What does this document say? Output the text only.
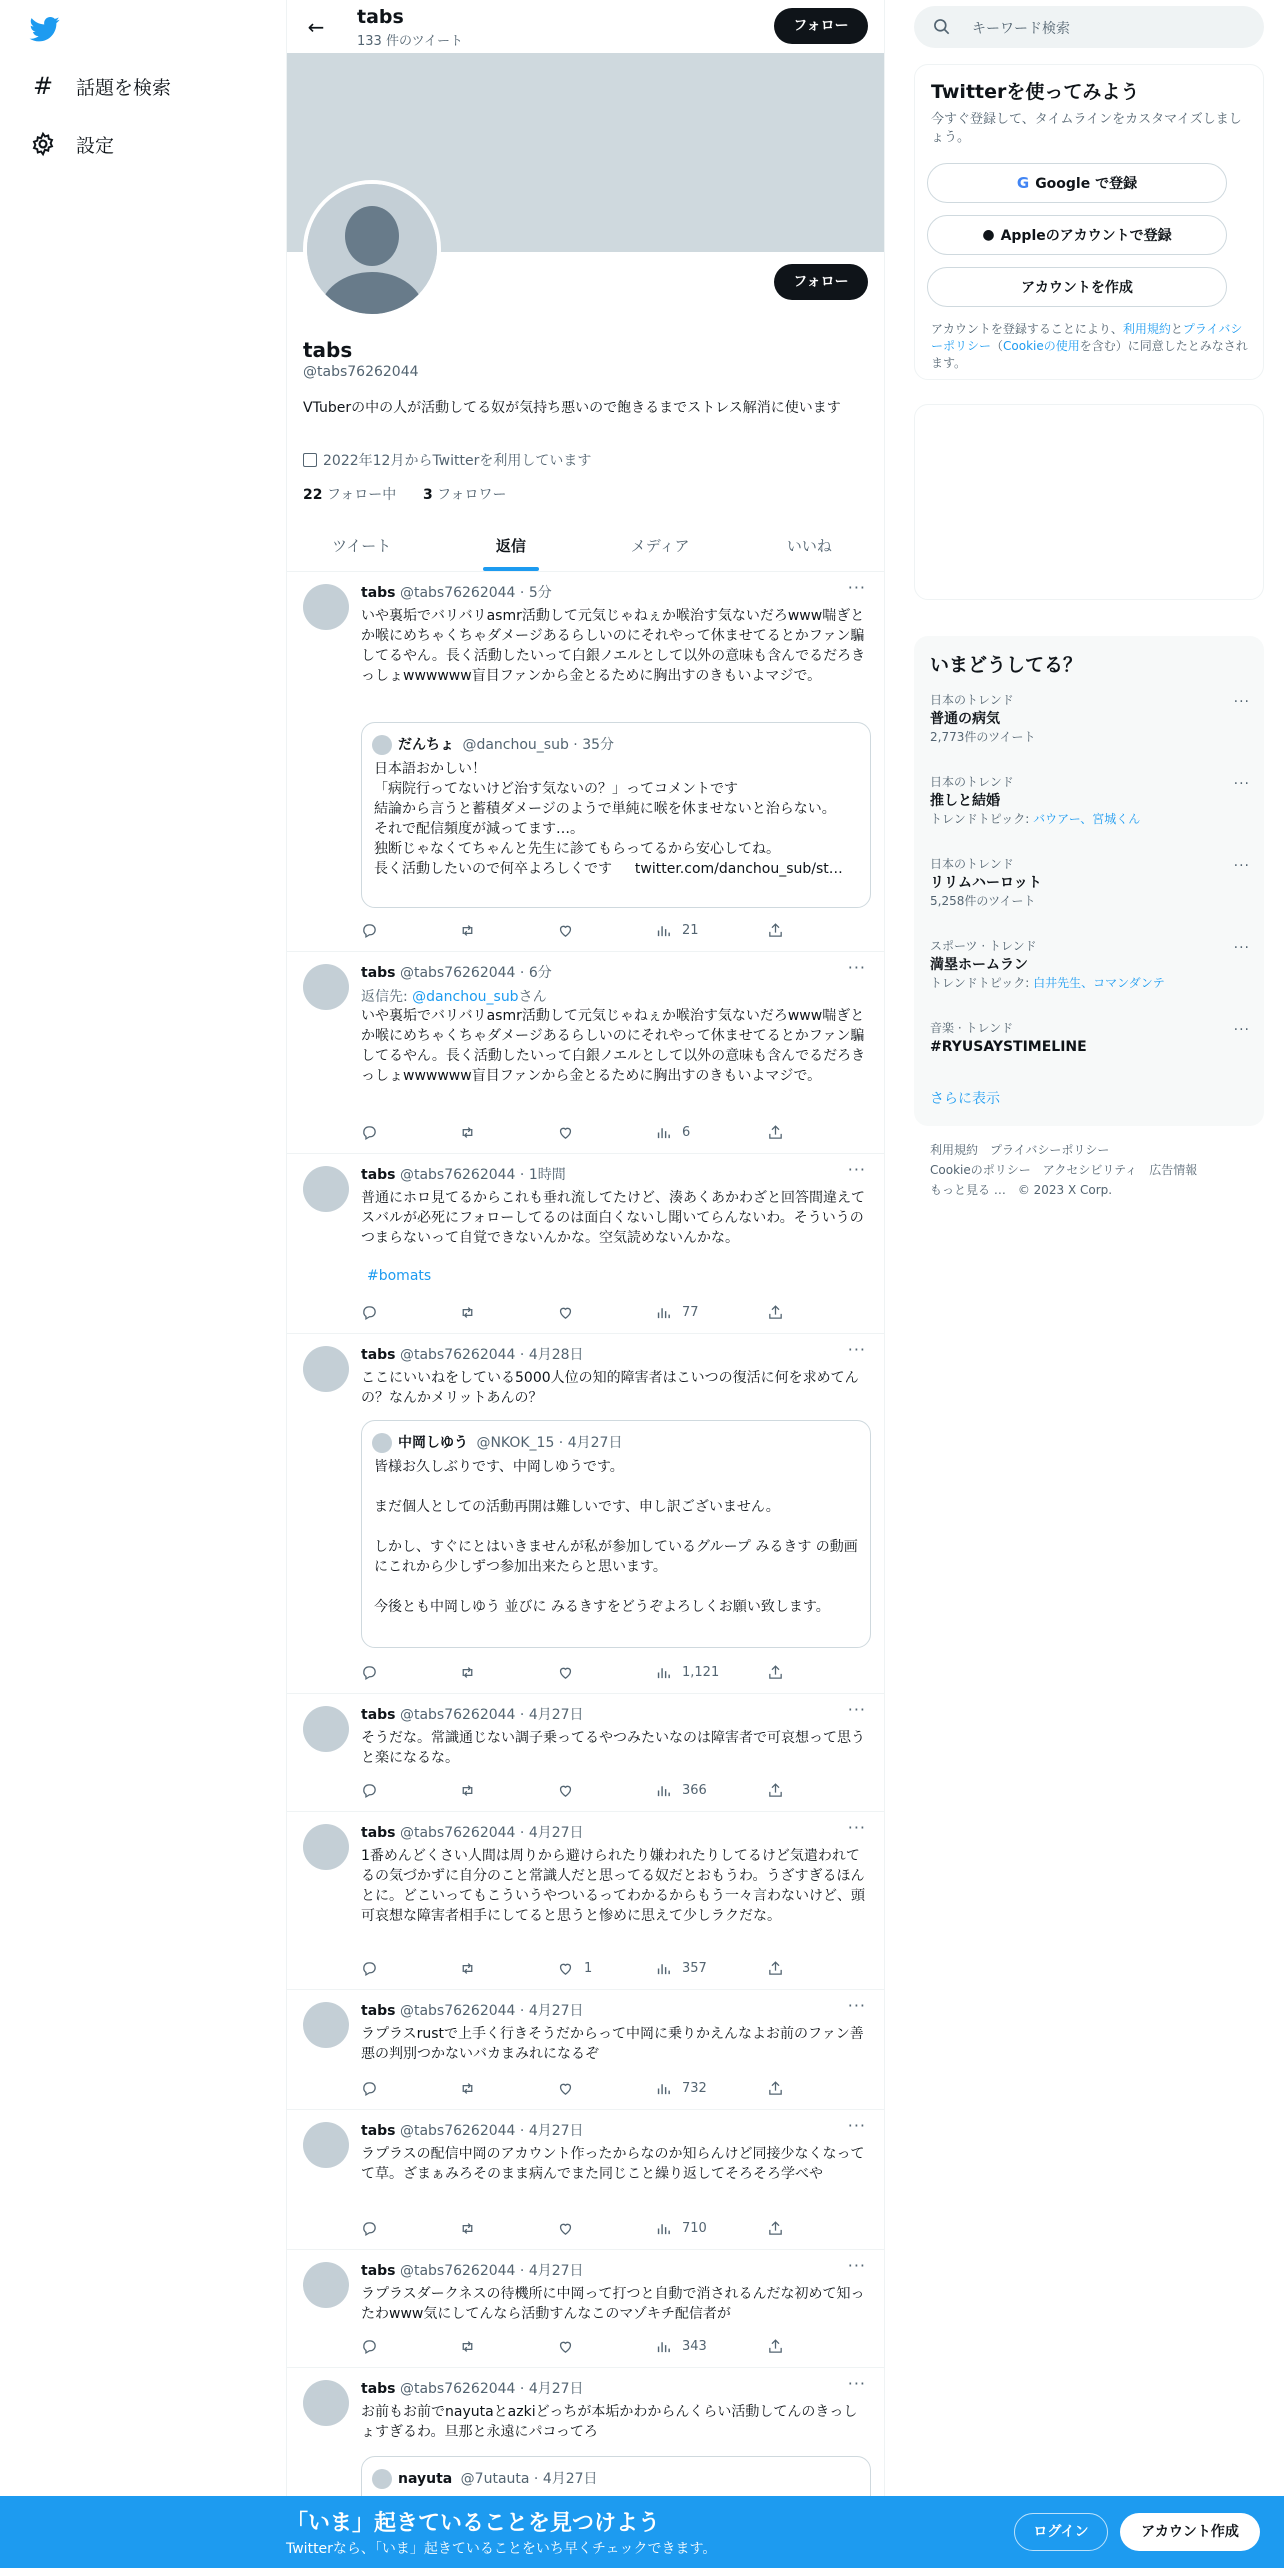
# 話題を検索
設定
←	tabs
133 件のツイート
フォロー
フォロー
tabs
@tabs76262044
VTuberの中の人が活動してる奴が気持ち悪いので飽きるまでストレス解消に使います
2022年12月からTwitterを利用しています
22 フォロー中 3 フォロワー
ツイート	返信	メディア	いいね
tabs @tabs76262044 · 5分	···
いや裏垢でバリバリasmr活動して元気じゃねぇか喉治す気ないだろwww喘ぎとか喉にめちゃくちゃダメージあるらしいのにそれやって休ませてるとかファン騙してるやん。長く活動したいって白銀ノエルとして以外の意味も含んでるだろきっしょwwwwww盲目ファンから金とるために胸出すのきもいよマジで。
だんちょ @danchou_sub · 35分
日本語おかしい！
「病院行ってないけど治す気ないの？」ってコメントです
結論から言うと蓄積ダメージのようで単純に喉を休ませないと治らない。
それで配信頻度が減ってます…。
独断じゃなくてちゃんと先生に診てもらってるから安心してね。
長く活動したいので何卒よろしくです　  twitter.com/danchou_sub/st…
21
tabs @tabs76262044 · 6分	···
返信先: @danchou_subさん
いや裏垢でバリバリasmr活動して元気じゃねぇか喉治す気ないだろwww喘ぎとか喉にめちゃくちゃダメージあるらしいのにそれやって休ませてるとかファン騙してるやん。長く活動したいって白銀ノエルとして以外の意味も含んでるだろきっしょwwwwww盲目ファンから金とるために胸出すのきもいよマジで。
6
tabs @tabs76262044 · 1時間	···
普通にホロ見てるからこれも垂れ流してたけど、湊あくあかわざと回答間違えてスバルが必死にフォローしてるのは面白くないし聞いてらんないわ。そういうのつまらないって自覚できないんかな。空気読めないんかな。
#bomats
77
tabs @tabs76262044 · 4月28日	···
ここにいいねをしている5000人位の知的障害者はこいつの復活に何を求めてんの？なんかメリットあんの？
中岡しゆう @NKOK_15 · 4月27日
皆様お久しぶりです、中岡しゆうです。

まだ個人としての活動再開は難しいです、申し訳ございません。

しかし、すぐにとはいきませんが私が参加しているグループ みるきす の動画にこれから少しずつ参加出来たらと思います。

今後とも中岡しゆう 並びに みるきすをどうぞよろしくお願い致します。
1,121
tabs @tabs76262044 · 4月27日	···
そうだな。常識通じない調子乗ってるやつみたいなのは障害者で可哀想って思うと楽になるな。
366
tabs @tabs76262044 · 4月27日	···
1番めんどくさい人間は周りから避けられたり嫌われたりしてるけど気遣われてるの気づかずに自分のこと常識人だと思ってる奴だとおもうわ。うざすぎるほんとに。どこいってもこういうやついるってわかるからもう一々言わないけど、頭可哀想な障害者相手にしてると思うと惨めに思えて少しラクだな。
1	357
tabs @tabs76262044 · 4月27日	···
ラプラスrustで上手く行きそうだからって中岡に乗りかえんなよお前のファン善悪の判別つかないバカまみれになるぞ
732
tabs @tabs76262044 · 4月27日	···
ラプラスの配信中岡のアカウント作ったからなのか知らんけど同接少なくなってて草。ざまぁみろそのまま病んでまた同じこと繰り返してそろそろ学べや
710
tabs @tabs76262044 · 4月27日	···
ラプラスダークネスの待機所に中岡って打つと自動で消されるんだな初めて知ったわwww気にしてんなら活動すんなこのマゾキチ配信者が
343
tabs @tabs76262044 · 4月27日	···
お前もお前でnayutaとazkiどっちが本垢かわからんくらい活動してんのきっしょすぎるわ。旦那と永遠にパコってろ
nayuta @7utauta · 4月27日
キーワード検索
Twitterを使ってみよう
今すぐ登録して、タイムラインをカスタマイズしましょう。
G Google で登録
● Appleのアカウントで登録
アカウントを作成
アカウントを登録することにより、利用規約とプライバシーポリシー（Cookieの使用を含む）に同意したとみなされます。
いまどうしてる？
日本のトレンド
普通の病気
2,773件のツイート
···
日本のトレンド
推しと結婚
トレンドトピック: バウアー、宮城くん
···
日本のトレンド
リリムハーロット
5,258件のツイート
···
スポーツ · トレンド
満塁ホームラン
トレンドトピック: 白井先生、コマンダンテ
···
音楽 · トレンド
#RYUSAYSTIMELINE
···
さらに表示
利用規約 プライバシーポリシー
Cookieのポリシー アクセシビリティ 広告情報
もっと見る … © 2023 X Corp.
「いま」起きていることを見つけよう
Twitterなら、「いま」起きていることをいち早くチェックできます。
ログイン	アカウント作成
